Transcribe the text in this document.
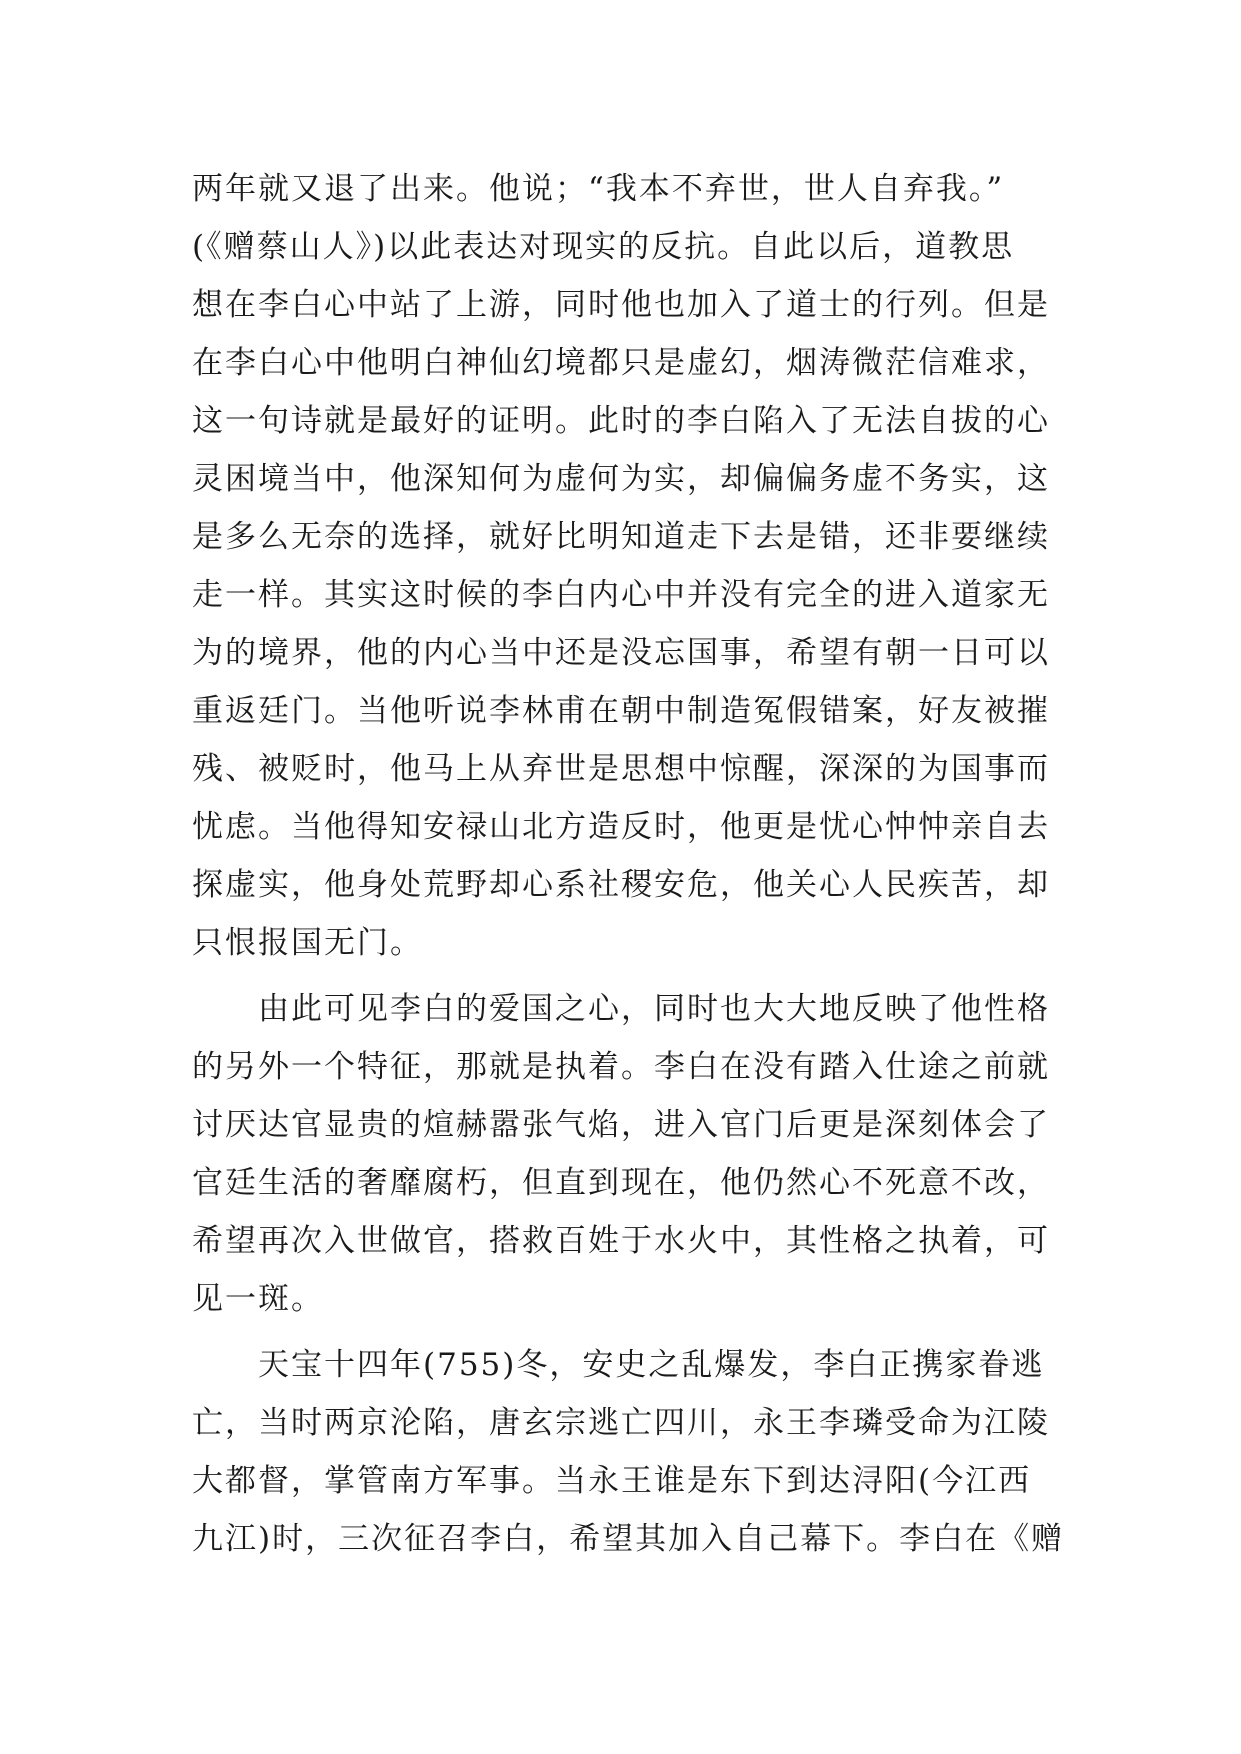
两年就又退了出来。他说；“我本不弃世，世人自弃我。”
(《赠蔡山人》)以此表达对现实的反抗。自此以后，道教思
想在李白心中站了上游，同时他也加入了道士的行列。但是
在李白心中他明白神仙幻境都只是虚幻，烟涛微茫信难求，
这一句诗就是最好的证明。此时的李白陷入了无法自拔的心
灵困境当中，他深知何为虚何为实，却偏偏务虚不务实，这
是多么无奈的选择，就好比明知道走下去是错，还非要继续
走一样。其实这时候的李白内心中并没有完全的进入道家无
为的境界，他的内心当中还是没忘国事，希望有朝一日可以
重返廷门。当他听说李林甫在朝中制造冤假错案，好友被摧
残、被贬时，他马上从弃世是思想中惊醒，深深的为国事而
忧虑。当他得知安禄山北方造反时，他更是忧心忡忡亲自去
探虚实，他身处荒野却心系社稷安危，他关心人民疾苦，却
只恨报国无门。
由此可见李白的爱国之心，同时也大大地反映了他性格
的另外一个特征，那就是执着。李白在没有踏入仕途之前就
讨厌达官显贵的煊赫嚣张气焰，进入官门后更是深刻体会了
官廷生活的奢靡腐朽，但直到现在，他仍然心不死意不改，
希望再次入世做官，搭救百姓于水火中，其性格之执着，可
见一斑。
天宝十四年(755)冬，安史之乱爆发，李白正携家眷逃
亡，当时两京沦陷，唐玄宗逃亡四川，永王李璘受命为江陵
大都督，掌管南方军事。当永王谁是东下到达浔阳(今江西
九江)时，三次征召李白，希望其加入自己幕下。李白在《赠
